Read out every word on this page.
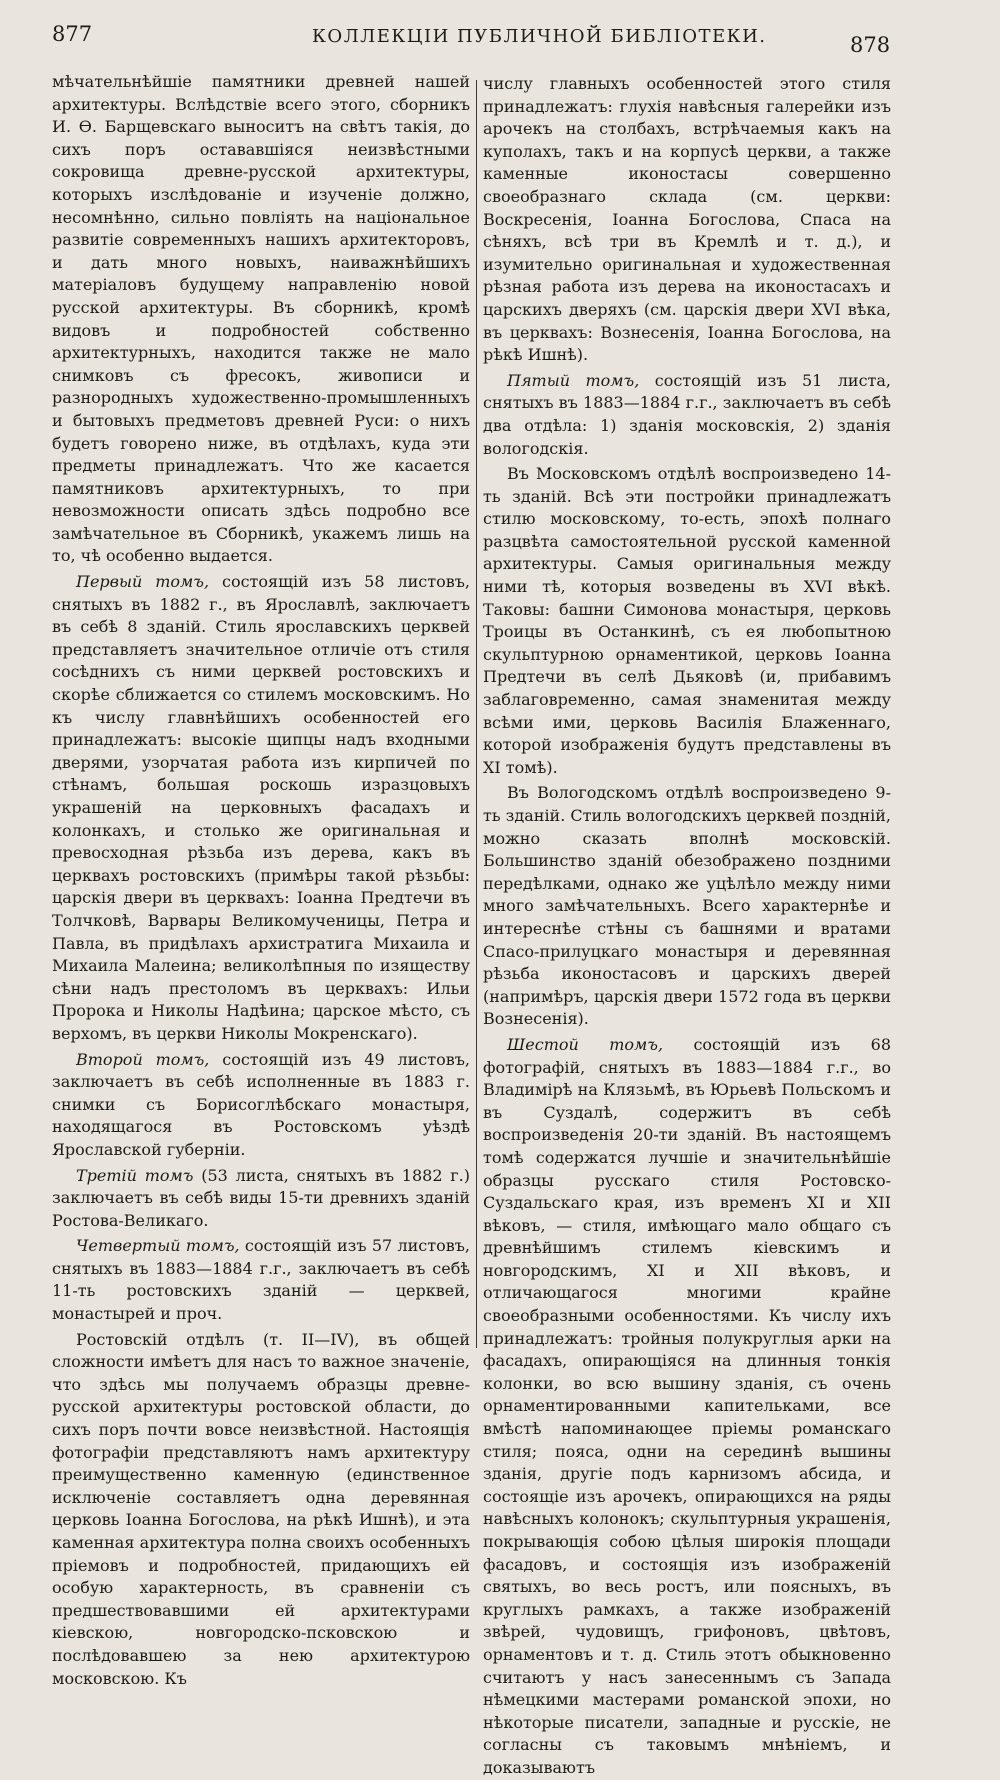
877	КОЛЛЕКЦІИ ПУБЛИЧНОЙ БИБЛІОТЕКИ.	878

мѣчательнѣйшіе памятники древней нашей архитектуры. Вслѣдствіе всего этого, сборникъ И. Ѳ. Барщевскаго выноситъ на свѣтъ такія, до сихъ поръ остававшіяся неизвѣстными сокровища древне-русской архитектуры, которыхъ изслѣдованіе и изученіе должно, несомнѣнно, сильно повліять на національное развитіе современныхъ нашихъ архитекторовъ, и дать много новыхъ, наиважнѣйшихъ матеріаловъ будущему направленію новой русской архитектуры. Въ сборникѣ, кромѣ видовъ и подробностей собственно архитектурныхъ, находится также не мало снимковъ съ фресокъ, живописи и разнородныхъ художественно-промышленныхъ и бытовыхъ предметовъ древней Руси: о нихъ будетъ говорено ниже, въ отдѣлахъ, куда эти предметы принадлежатъ. Что же касается памятниковъ архитектурныхъ, то при невозможности описать здѣсь подробно все замѣчательное въ Сборникѣ, укажемъ лишь на то, чѣ особенно выдается.

Первый томъ, состоящій изъ 58 листовъ, снятыхъ въ 1882 г., въ Ярославлѣ, заключаетъ въ себѣ 8 зданій. Стиль ярославскихъ церквей представляетъ значительное отличіе отъ стиля сосѣднихъ съ ними церквей ростовскихъ и скорѣе сближается со стилемъ московскимъ. Но къ числу главнѣйшихъ особенностей его принадлежатъ: высокіе щипцы надъ входными дверями, узорчатая работа изъ кирпичей по стѣнамъ, большая роскошь изразцовыхъ украшеній на церковныхъ фасадахъ и колонкахъ, и столько же оригинальная и превосходная рѣзьба изъ дерева, какъ въ церквахъ ростовскихъ (примѣры такой рѣзьбы: царскія двери въ церквахъ: Іоанна Предтечи въ Толчковѣ, Варвары Великомученицы, Петра и Павла, въ придѣлахъ архистратига Михаила и Михаила Малеина; великолѣпныя по изяществу сѣни надъ престоломъ въ церквахъ: Ильи Пророка и Николы Надѣина; царское мѣсто, съ верхомъ, въ церкви Николы Мокренскаго).

Второй томъ, состоящій изъ 49 листовъ, заключаетъ въ себѣ исполненные въ 1883 г. снимки съ Борисоглѣбскаго монастыря, находящагося въ Ростовскомъ уѣздѣ Ярославской губерніи.

Третій томъ (53 листа, снятыхъ въ 1882 г.) заключаетъ въ себѣ виды 15-ти древнихъ зданій Ростова-Великаго.

Четвертый томъ, состоящій изъ 57 листовъ, снятыхъ въ 1883—1884 г.г., заключаетъ въ себѣ 11-ть ростовскихъ зданій — церквей, монастырей и проч.

Ростовскій отдѣлъ (т. II—IV), въ общей сложности имѣетъ для насъ то важное значеніе, что здѣсь мы получаемъ образцы древне-русской архитектуры ростовской области, до сихъ поръ почти вовсе неизвѣстной. Настоящія фотографіи представляютъ намъ архитектуру преимущественно каменную (единственное исключеніе составляетъ одна деревянная церковь Іоанна Богослова, на рѣкѣ Ишнѣ), и эта каменная архитектура полна своихъ особенныхъ пріемовъ и подробностей, придающихъ ей особую характерность, въ сравненіи съ предшествовавшими ей архитектурами кіевскою, новгородско-псковскою и послѣдовавшею за нею архитектурою московскою. Къ

числу главныхъ особенностей этого стиля принадлежатъ: глухія навѣсныя галерейки изъ арочекъ на столбахъ, встрѣчаемыя какъ на куполахъ, такъ и на корпусѣ церкви, а также каменные иконостасы совершенно своеобразнаго склада (см. церкви: Воскресенія, Іоанна Богослова, Спаса на сѣняхъ, всѣ три въ Кремлѣ и т. д.), и изумительно оригинальная и художественная рѣзная работа изъ дерева на иконостасахъ и царскихъ дверяхъ (см. царскія двери XVI вѣка, въ церквахъ: Вознесенія, Іоанна Богослова, на рѣкѣ Ишнѣ).

Пятый томъ, состоящій изъ 51 листа, снятыхъ въ 1883—1884 г.г., заключаетъ въ себѣ два отдѣла: 1) зданія московскія, 2) зданія вологодскія.

Въ Московскомъ отдѣлѣ воспроизведено 14-ть зданій. Всѣ эти постройки принадлежатъ стилю московскому, то-есть, эпохѣ полнаго разцвѣта самостоятельной русской каменной архитектуры. Самыя оригинальныя между ними тѣ, которыя возведены въ XVI вѣкѣ. Таковы: башни Симонова монастыря, церковь Троицы въ Останкинѣ, съ ея любопытною скульптурною орнаментикой, церковь Іоанна Предтечи въ селѣ Дьяковѣ (и, прибавимъ заблаговременно, самая знаменитая между всѣми ими, церковь Василія Блаженнаго, которой изображенія будутъ представлены въ XI томѣ).

Въ Вологодскомъ отдѣлѣ воспроизведено 9-ть зданій. Стиль вологодскихъ церквей поздній, можно сказать вполнѣ московскій. Большинство зданій обезображено поздними передѣлками, однако же уцѣлѣло между ними много замѣчательныхъ. Всего характернѣе и интереснѣе стѣны съ башнями и вратами Спасо-прилуцкаго монастыря и деревянная рѣзьба иконостасовъ и царскихъ дверей (напримѣръ, царскія двери 1572 года въ церкви Вознесенія).

Шестой томъ, состоящій изъ 68 фотографій, снятыхъ въ 1883—1884 г.г., во Владимірѣ на Клязьмѣ, въ Юрьевѣ Польскомъ и въ Суздалѣ, содержитъ въ себѣ воспроизведенія 20-ти зданій. Въ настоящемъ томѣ содержатся лучшіе и значительнѣйшіе образцы русскаго стиля Ростовско-Суздальскаго края, изъ временъ XI и XII вѣковъ, — стиля, имѣющаго мало общаго съ древнѣйшимъ стилемъ кіевскимъ и новгородскимъ, XI и XII вѣковъ, и отличающагося многими крайне своеобразными особенностями. Къ числу ихъ принадлежатъ: тройныя полукруглыя арки на фасадахъ, опирающіяся на длинныя тонкія колонки, во всю вышину зданія, съ очень орнаментированными капительками, все вмѣстѣ напоминающее пріемы романскаго стиля; пояса, одни на серединѣ вышины зданія, другіе подъ карнизомъ абсида, и состоящіе изъ арочекъ, опирающихся на ряды навѣсныхъ колонокъ; скульптурныя украшенія, покрывающія собою цѣлыя широкія площади фасадовъ, и состоящія изъ изображеній святыхъ, во весь ростъ, или поясныхъ, въ круглыхъ рамкахъ, а также изображеній звѣрей, чудовищъ, грифоновъ, цвѣтовъ, орнаментовъ и т. д. Стиль этотъ обыкновенно считаютъ у насъ занесеннымъ съ Запада нѣмецкими мастерами романской эпохи, но нѣкоторые писатели, западные и русскіе, не согласны съ таковымъ мнѣніемъ, и доказываютъ
